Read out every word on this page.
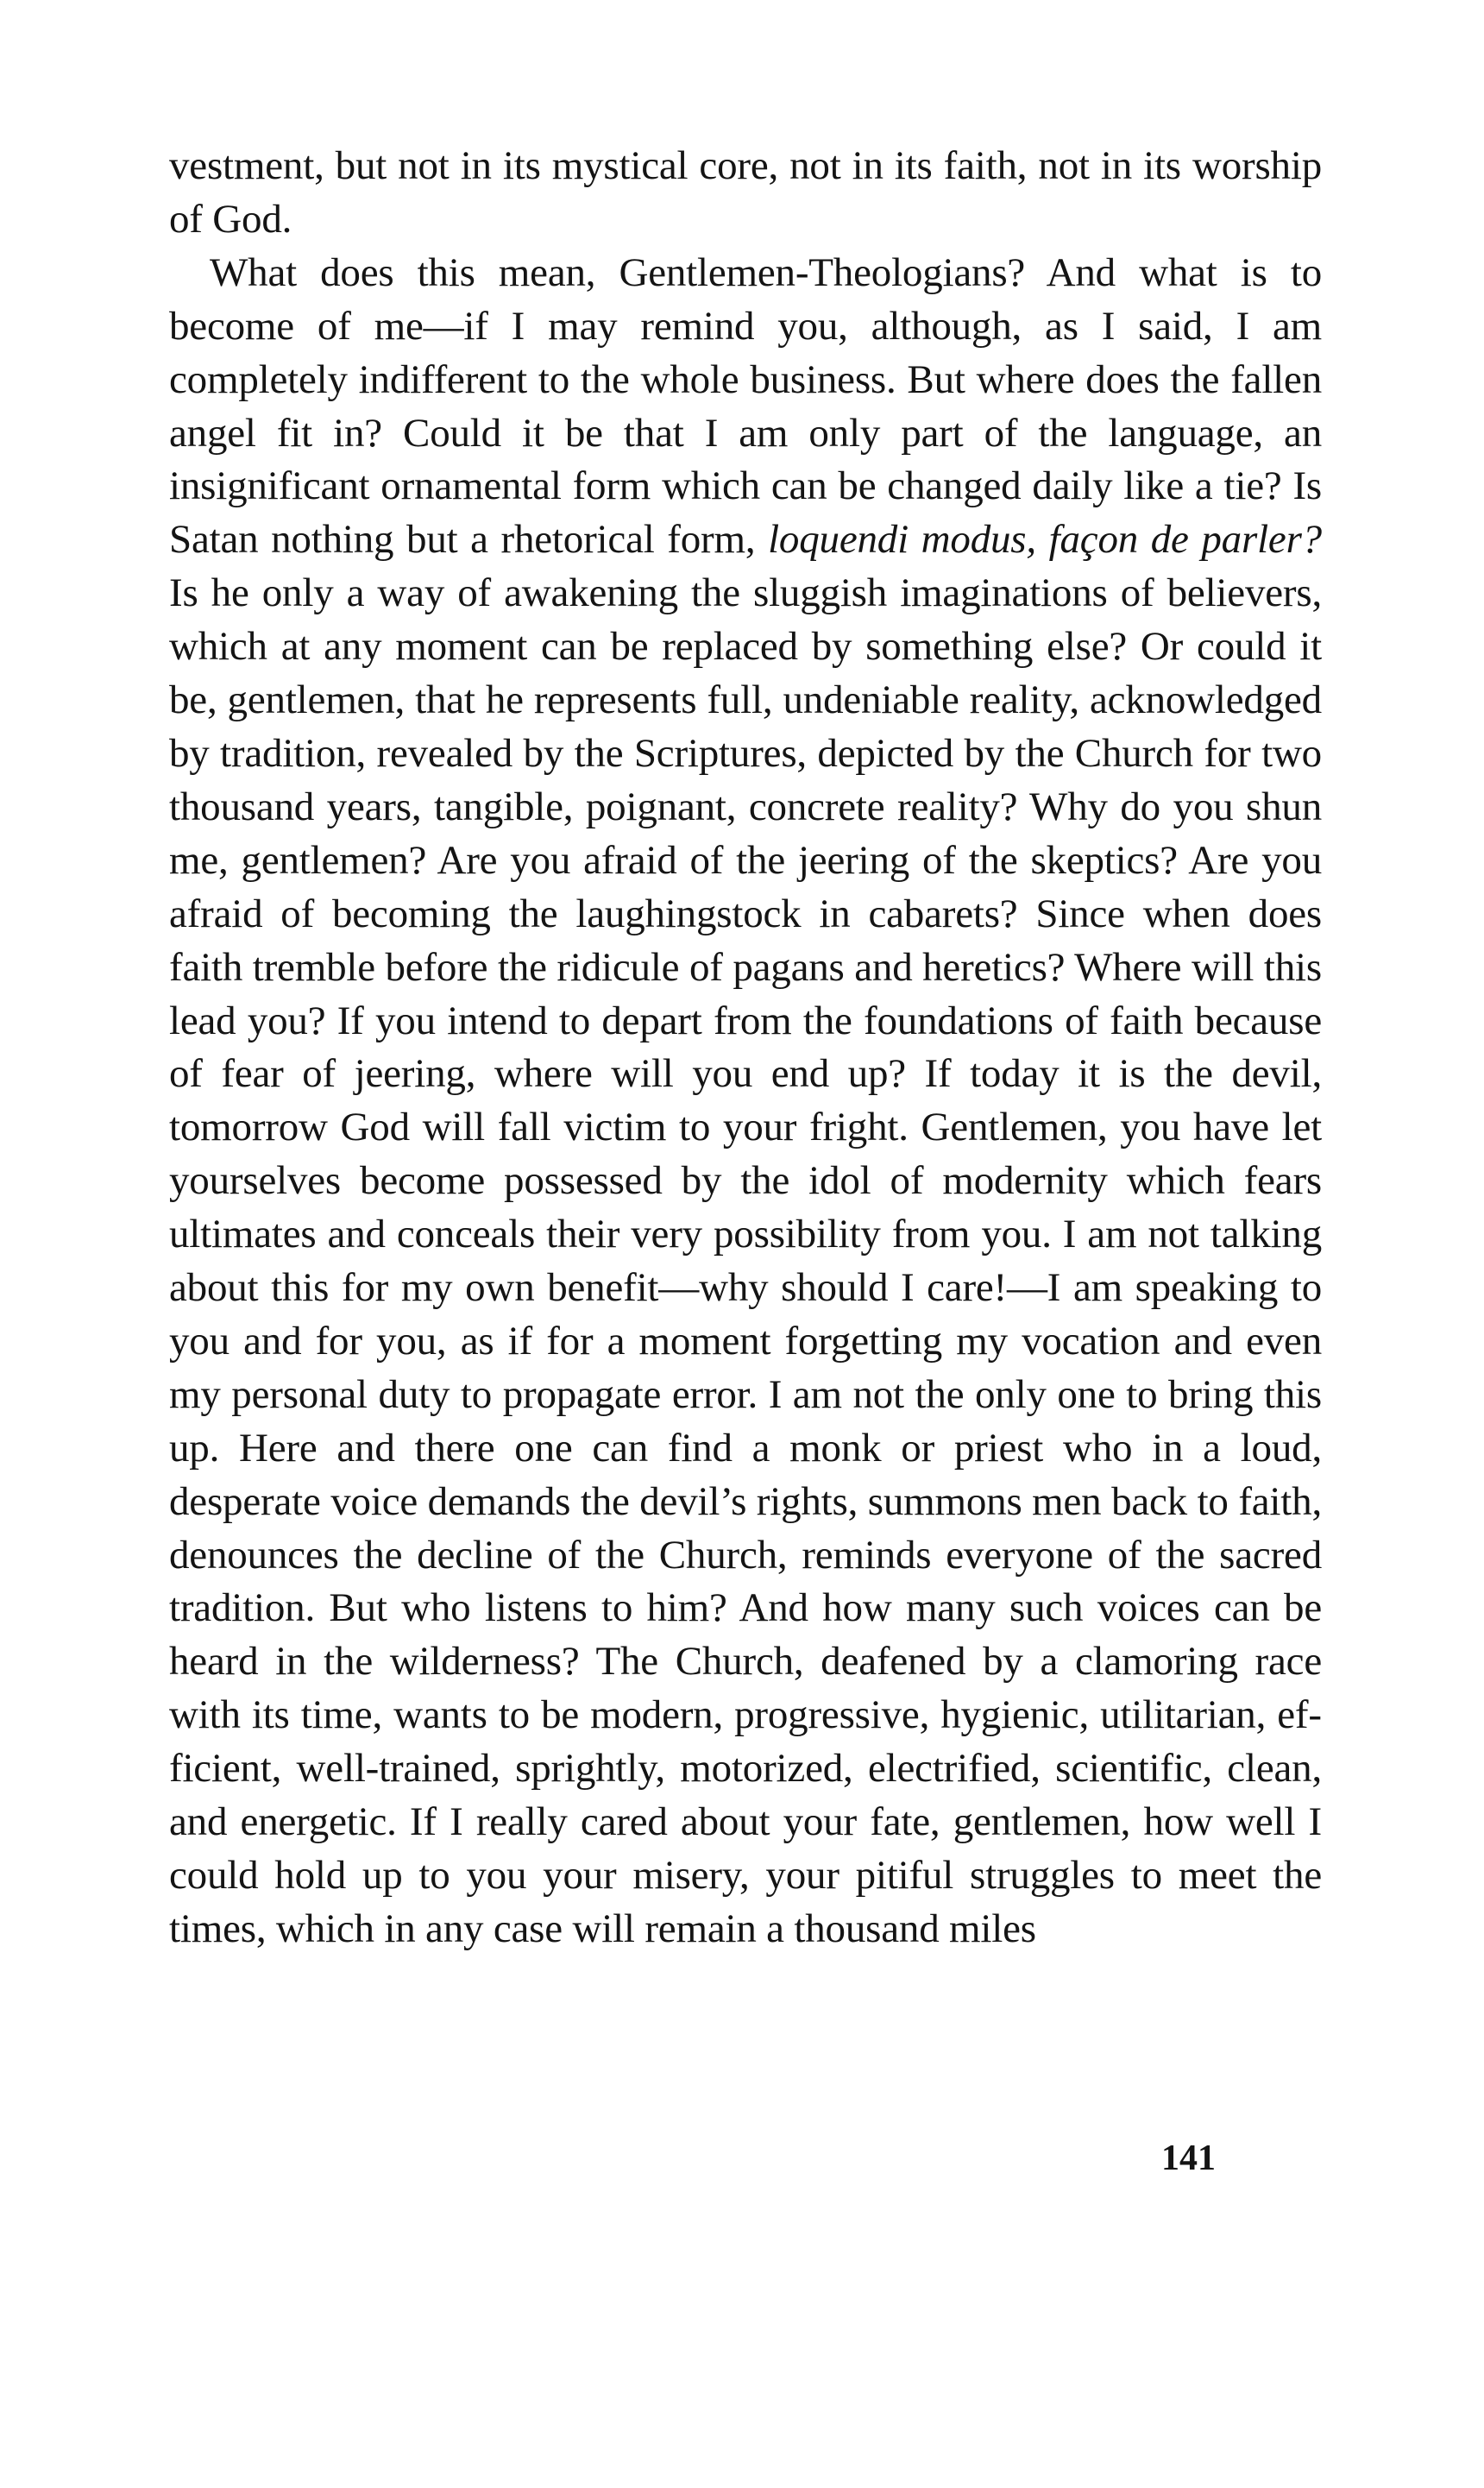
vestment, but not in its mystical core, not in its faith, not in its worship of God.

What does this mean, Gentlemen-Theologians? And what is to become of me—if I may remind you, although, as I said, I am completely indifferent to the whole business. But where does the fallen angel fit in? Could it be that I am only part of the language, an insignificant ornamental form which can be changed daily like a tie? Is Satan nothing but a rhetorical form, loquendi modus, façon de parler? Is he only a way of awakening the sluggish imaginations of believers, which at any moment can be replaced by something else? Or could it be, gentlemen, that he represents full, undeniable reality, acknowledged by tradition, revealed by the Scriptures, depicted by the Church for two thousand years, tangible, poignant, concrete reality? Why do you shun me, gentlemen? Are you afraid of the jeering of the skeptics? Are you afraid of becoming the laughingstock in cabarets? Since when does faith tremble before the ridicule of pagans and heretics? Where will this lead you? If you intend to depart from the foundations of faith because of fear of jeering, where will you end up? If today it is the devil, tomorrow God will fall victim to your fright. Gentlemen, you have let yourselves become possessed by the idol of modernity which fears ultimates and conceals their very possibility from you. I am not talking about this for my own benefit—why should I care!—I am speaking to you and for you, as if for a moment forgetting my vocation and even my personal duty to propagate error. I am not the only one to bring this up. Here and there one can find a monk or priest who in a loud, desperate voice demands the devil’s rights, summons men back to faith, denounces the decline of the Church, reminds everyone of the sacred tradition. But who listens to him? And how many such voices can be heard in the wilderness? The Church, deafened by a clamoring race with its time, wants to be modern, progressive, hygienic, utilitarian, efficient, well-trained, sprightly, motorized, electrified, scientific, clean, and energetic. If I really cared about your fate, gentlemen, how well I could hold up to you your misery, your pitiful struggles to meet the times, which in any case will remain a thousand miles

141
